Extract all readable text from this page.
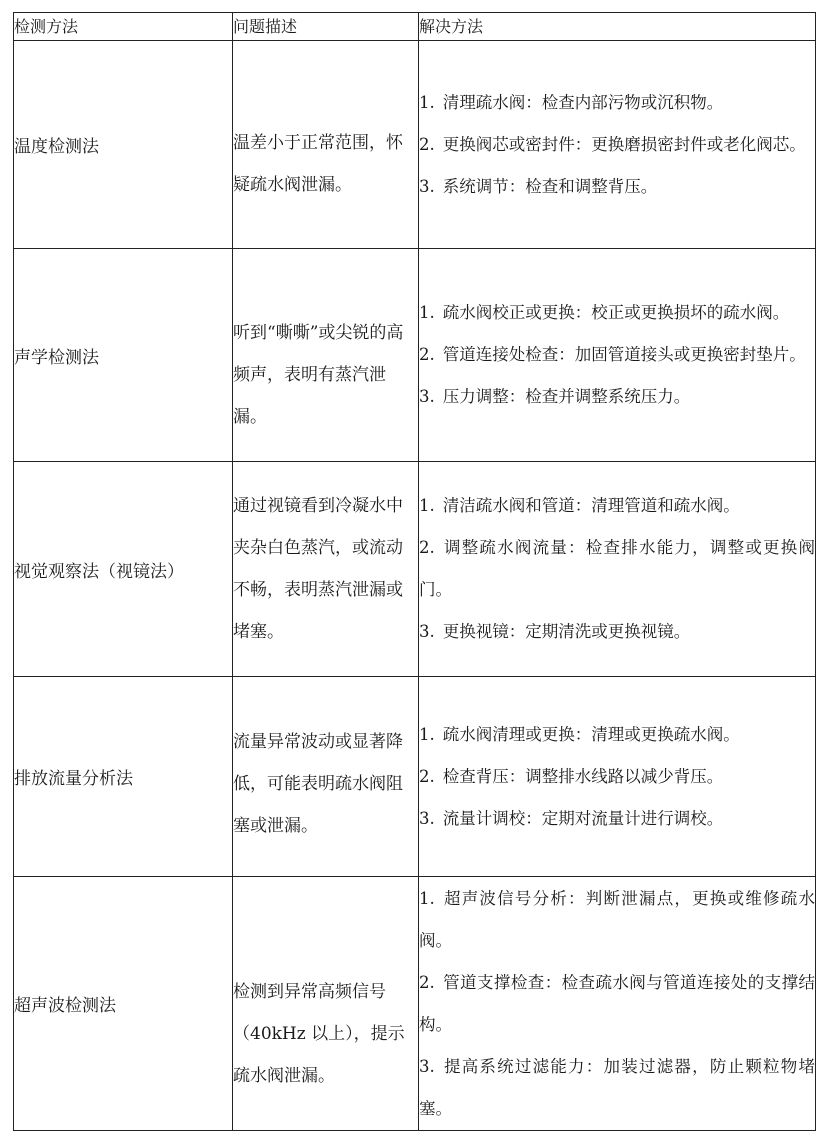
检测方法	问题描述	解决方法
温度检测法	温差小于正常范围，怀疑疏水阀泄漏。	1. 清理疏水阀：检查内部污物或沉积物。
2. 更换阀芯或密封件：更换磨损密封件或老化阀芯。
3. 系统调节：检查和调整背压。

声学检测法	听到“嘶嘶”或尖锐的高频声，表明有蒸汽泄漏。	1. 疏水阀校正或更换：校正或更换损坏的疏水阀。
2. 管道连接处检查：加固管道接头或更换密封垫片。
3. 压力调整：检查并调整系统压力。

视觉观察法（视镜法）	通过视镜看到冷凝水中夹杂白色蒸汽，或流动不畅，表明蒸汽泄漏或堵塞。	1. 清洁疏水阀和管道：清理管道和疏水阀。
2. 调整疏水阀流量：检查排水能力，调整或更换阀门。
3. 更换视镜：定期清洗或更换视镜。

排放流量分析法	流量异常波动或显著降低，可能表明疏水阀阻塞或泄漏。	1. 疏水阀清理或更换：清理或更换疏水阀。
2. 检查背压：调整排水线路以减少背压。
3. 流量计调校：定期对流量计进行调校。

超声波检测法	检测到异常高频信号（40kHz 以上），提示疏水阀泄漏。	1. 超声波信号分析：判断泄漏点，更换或维修疏水阀。
2. 管道支撑检查：检查疏水阀与管道连接处的支撑结构。
3. 提高系统过滤能力：加装过滤器，防止颗粒物堵塞。
